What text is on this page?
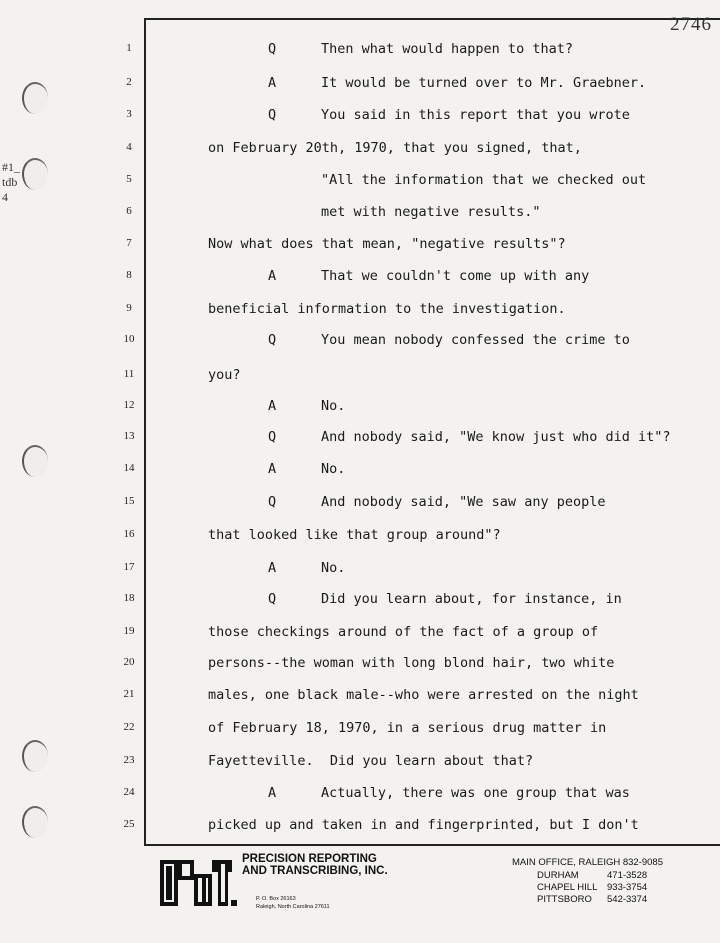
#1_
tdb
4
2746
1	Q	Then what would happen to that?
2	A	It would be turned over to Mr. Graebner.
3	Q	You said in this report that you wrote
4	on February 20th, 1970, that you signed, that,
5	"All the information that we checked out
6	met with negative results."
7	Now what does that mean, "negative results"?
8	A	That we couldn't come up with any
9	beneficial information to the investigation.
10	Q	You mean nobody confessed the crime to
11	you?
12	A	No.
13	Q	And nobody said, "We know just who did it"?
14	A	No.
15	Q	And nobody said, "We saw any people
16	that looked like that group around"?
17	A	No.
18	Q	Did you learn about, for instance, in
19	those checkings around of the fact of a group of
20	persons--the woman with long blond hair, two white
21	males, one black male--who were arrested on the night
22	of February 18, 1970, in a serious drug matter in
23	Fayetteville.  Did you learn about that?
24	A	Actually, there was one group that was
25	picked up and taken in and fingerprinted, but I don't
PRECISION REPORTING
AND TRANSCRIBING, INC.
P. O. Box 26163
Raleigh, North Carolina 27611
MAIN OFFICE, RALEIGH 832-9085
DURHAM	471-3528
CHAPEL HILL 933-3754
PITTSBORO 542-3374
